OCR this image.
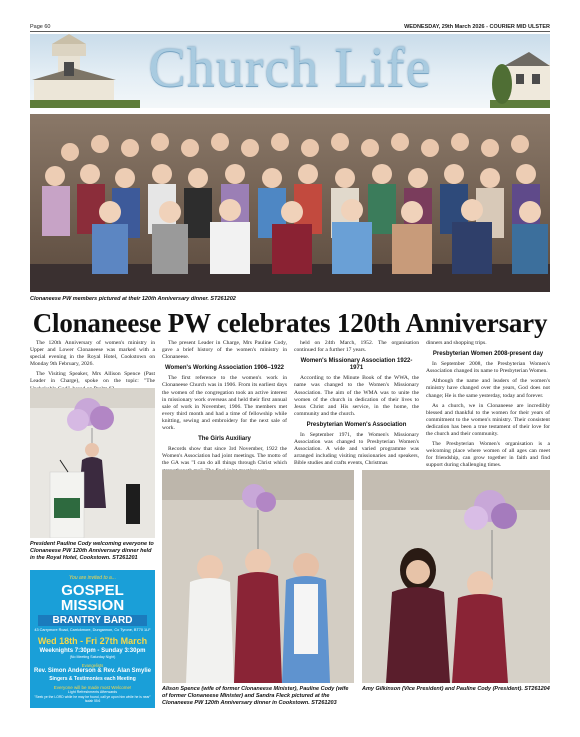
Page 60	WEDNESDAY, 29th March 2026 - COURIER MID ULSTER
Church Life
Clonaneese PW members pictured at their 120th Anniversary dinner. ST261202
Clonaneese PW celebrates 120th Anniversary

The 120th Anniversary of women's ministry in Upper and Lower Clonaneese was marked with a special evening in the Royal Hotel, Cookstown on Monday 9th February, 2026.

The Visiting Speaker, Mrs Allison Spence (Past Leader in Charge), spoke on the topic: "The

President Pauline Cody welcoming everyone to Clonaneese PW 120th Anniversary dinner held in the Royal Hotel, Cookstown. ST261201
You are invited to a...
GOSPEL MISSION
BRANTRY BARD
43 Carrymore Road, Carrickmore, Dungannon, Co Tyrone, BT70 1LF
Wed 18th - Fri 27th March
Weeknights 7:30pm - Sunday 3:30pm
(No Meeting Saturday Night)
Evangelists
Rev. Simon Anderson & Rev. Alan Smylie
Singers & Testimonies each Meeting
Everyone will be made most Welcome!
Light Refreshments Afterwards
"Seek ye the LORD while he may be found, call ye upon him while he is near"
Isaiah 55:6

The present Leader in Charge, Mrs Pauline Cody, gave a brief history of the women's ministry in Clonaneese.

Women's Working Association 1906–1922

The first reference to the women's work in Clonaneese Church was in 1906. From its earliest days the women of the congregation took an active interest in missionary work overseas and held their first annual sale of work in November, 1906. The members met every third month and had a time of fellowship while knitting, sewing and embroidery for the next sale of work.

The Girls Auxiliary

Records show that since 3rd November, 1922 the Women's Association had joint meetings. The motto of the GA was "I can do all things through Christ which

held on 24th March, 1952. The organisation continued for a further 17 years.

Women's Missionary Association 1922-1971

According to the Minute Book of the WWA, the name was changed to the Women's Missionary Association. The aim of the WMA was to unite the women of the church in dedication of their lives to Jesus Christ and His service, in the home, the community and the church.

Presbyterian Women's Association

In September 1971, the Women's Missionary Association was changed to Presbyterian Women's Association. A wide and varied programme was arranged including visiting missionaries and speakers, Bible studies and crafts events, Christmas

dinners and shopping trips.

Presbyterian Women 2008-present day

In September 2008, the Presbyterian Women's Association changed its name to Presbyterian Women.

Although the name and leaders of the women's ministry have changed over the years, God does not change; He is the same yesterday, today and forever.

As a church, we in Clonaneese are incredibly blessed and thankful to the women for their years of commitment to the women's ministry. Their consistent dedication has been a true testament of their love for the church and their community.

The Presbyterian Women's organisation is a welcoming place where women of all ages can meet for friendship, can grow together in faith and find support during challenging times.

Alison Spence (wife of former Clonaneese Minister), Pauline Cody (wife of former Clonaneese Minister) and Sandra Fleck pictured at the Clonaneese PW 120th Anniversary dinner in Cookstown. ST261203
Amy Gilkinson (Vice President) and Pauline Cody (President). ST261204
